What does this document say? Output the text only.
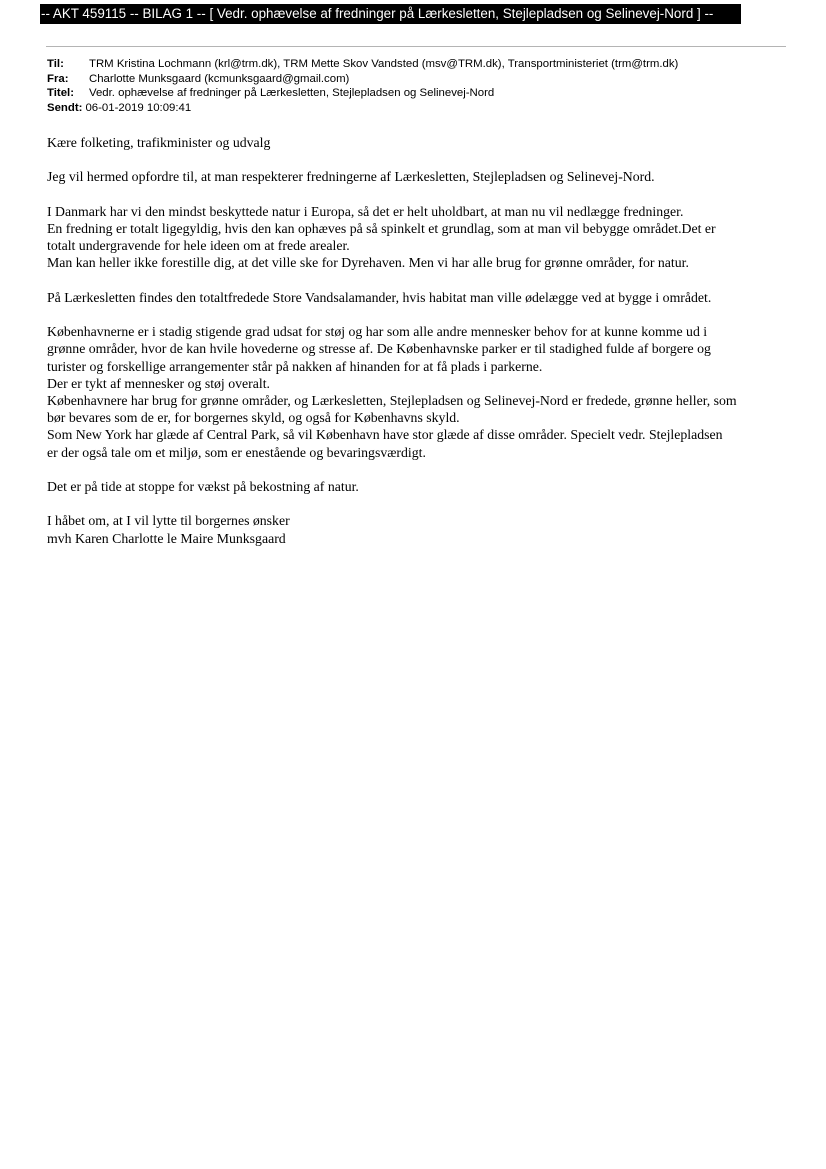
-- AKT 459115 -- BILAG 1 -- [ Vedr. ophævelse af fredninger på Lærkesletten, Stejlepladsen og Selinevej-Nord ] --
Til:	TRM Kristina Lochmann (krl@trm.dk), TRM Mette Skov Vandsted (msv@TRM.dk), Transportministeriet (trm@trm.dk)
Fra:	Charlotte Munksgaard (kcmunksgaard@gmail.com)
Titel:	Vedr. ophævelse af fredninger på Lærkesletten, Stejlepladsen og Selinevej-Nord
Sendt: 06-01-2019 10:09:41
Kære folketing, trafikminister og udvalg
Jeg vil hermed opfordre til, at man respekterer fredningerne af Lærkesletten, Stejlepladsen og Selinevej-Nord.
I Danmark har vi den mindst beskyttede natur i Europa, så det er helt uholdbart, at man nu vil nedlægge fredninger.
En fredning er totalt ligegyldig, hvis den kan ophæves på så spinkelt et grundlag, som at man vil bebygge området.Det er
totalt undergravende for hele ideen om at frede arealer.
Man kan heller ikke forestille dig, at det ville ske for Dyrehaven. Men vi har alle brug for grønne områder, for natur.
På Lærkesletten findes den totaltfredede Store Vandsalamander, hvis habitat man ville ødelægge ved at bygge i området.
Københavnerne er i stadig stigende grad udsat for støj og har som alle andre mennesker behov for at kunne komme ud i
grønne områder, hvor de kan hvile hovederne og stresse af. De Københavnske parker er til stadighed fulde af borgere og
turister og forskellige arrangementer står på nakken af hinanden for at få plads i parkerne.
Der er tykt af mennesker og støj overalt.
Københavnere har brug for grønne områder, og Lærkesletten, Stejlepladsen og Selinevej-Nord er fredede, grønne heller, som
bør bevares som de er, for borgernes skyld, og også for Københavns skyld.
Som New York har glæde af Central Park, så vil København have stor glæde af disse områder. Specielt vedr. Stejlepladsen
er der også tale om et miljø, som er enestående og bevaringsværdigt.
Det er på tide at stoppe for vækst på bekostning af natur.
I håbet om, at I vil lytte til borgernes ønsker
mvh Karen Charlotte le Maire Munksgaard
